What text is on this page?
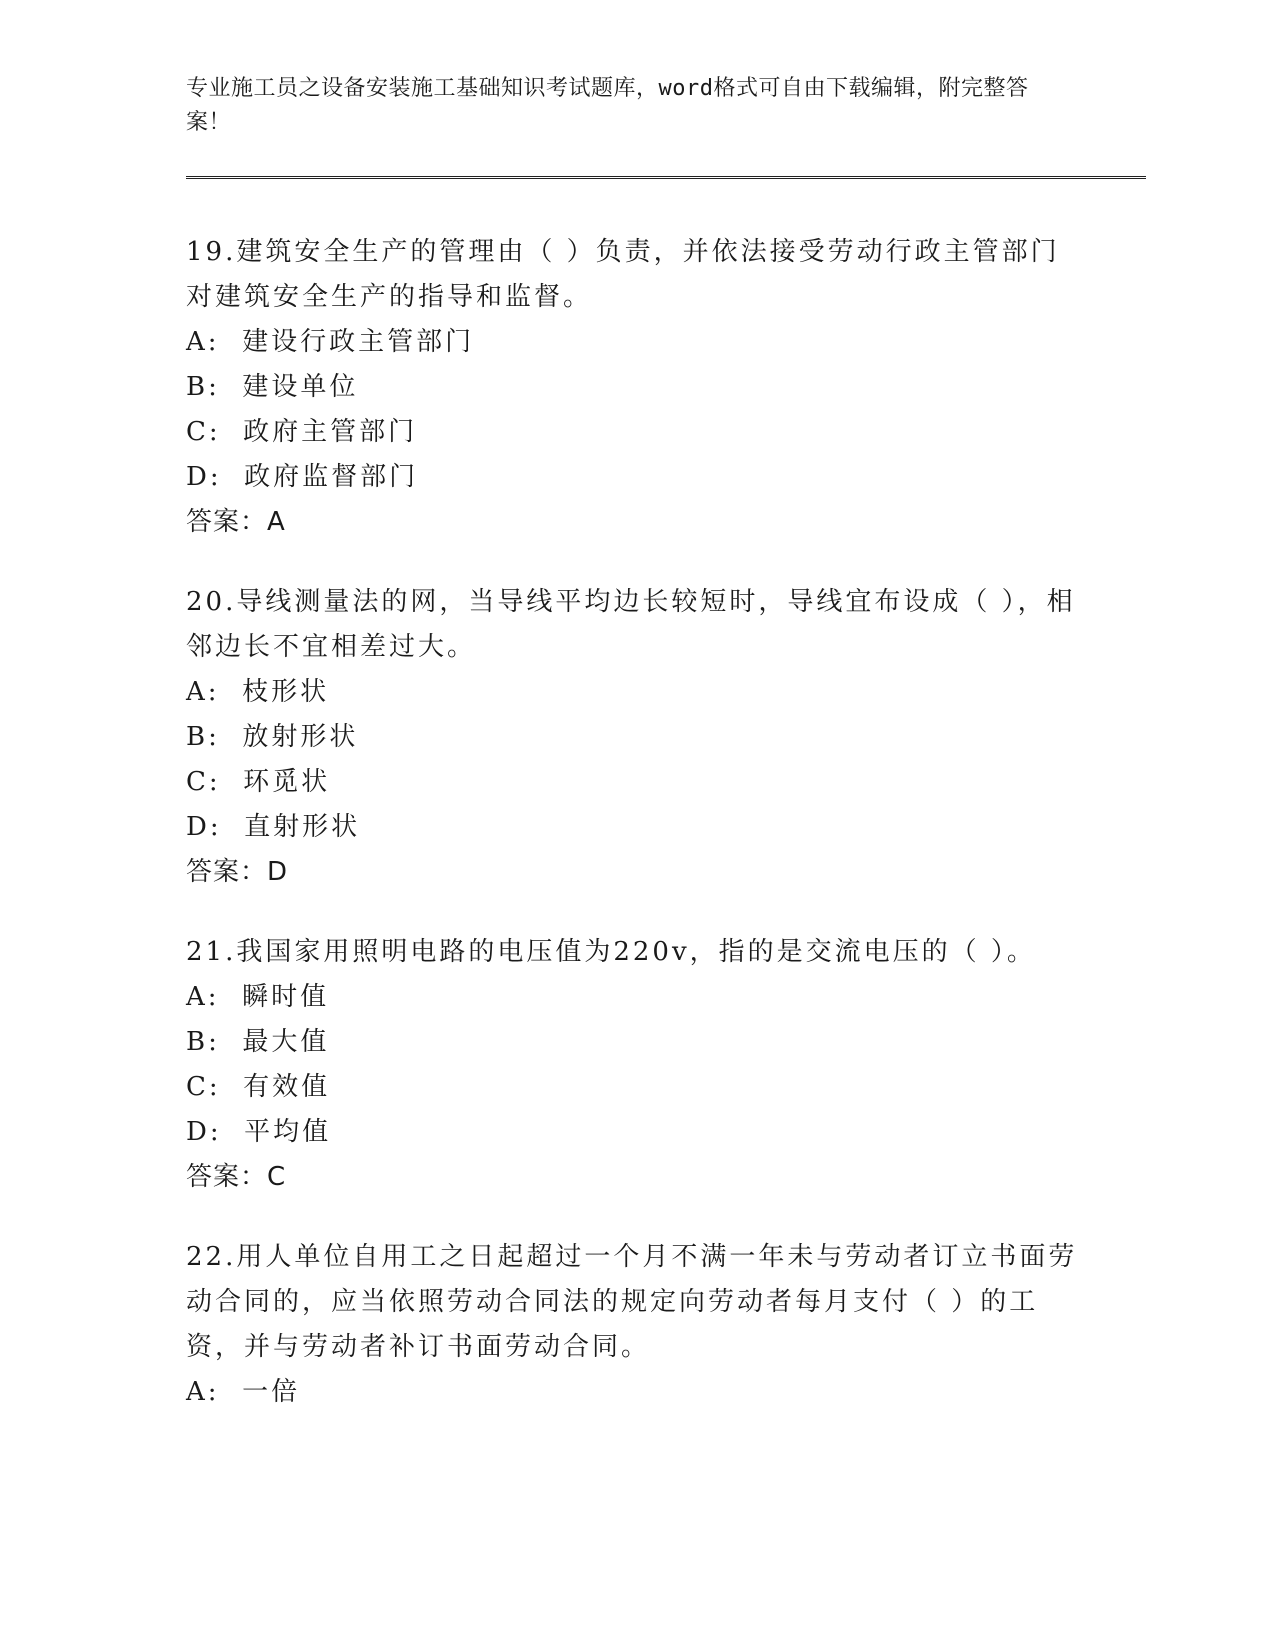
专业施工员之设备安装施工基础知识考试题库，word格式可自由下载编辑，附完整答案！

19.建筑安全生产的管理由（ ）负责，并依法接受劳动行政主管部门对建筑安全生产的指导和监督。

A:  建设行政主管部门

B:  建设单位

C:  政府主管部门

D:  政府监督部门

答案：A

20.导线测量法的网，当导线平均边长较短时，导线宜布设成（ ），相邻边长不宜相差过大。

A:  枝形状

B:  放射形状

C:  环觅状

D:  直射形状

答案：D

21.我国家用照明电路的电压值为220v，指的是交流电压的（ ）。

A:  瞬时值

B:  最大值

C:  有效值

D:  平均值

答案：C

22.用人单位自用工之日起超过一个月不满一年未与劳动者订立书面劳动合同的，应当依照劳动合同法的规定向劳动者每月支付（ ）的工资，并与劳动者补订书面劳动合同。

A:  一倍
